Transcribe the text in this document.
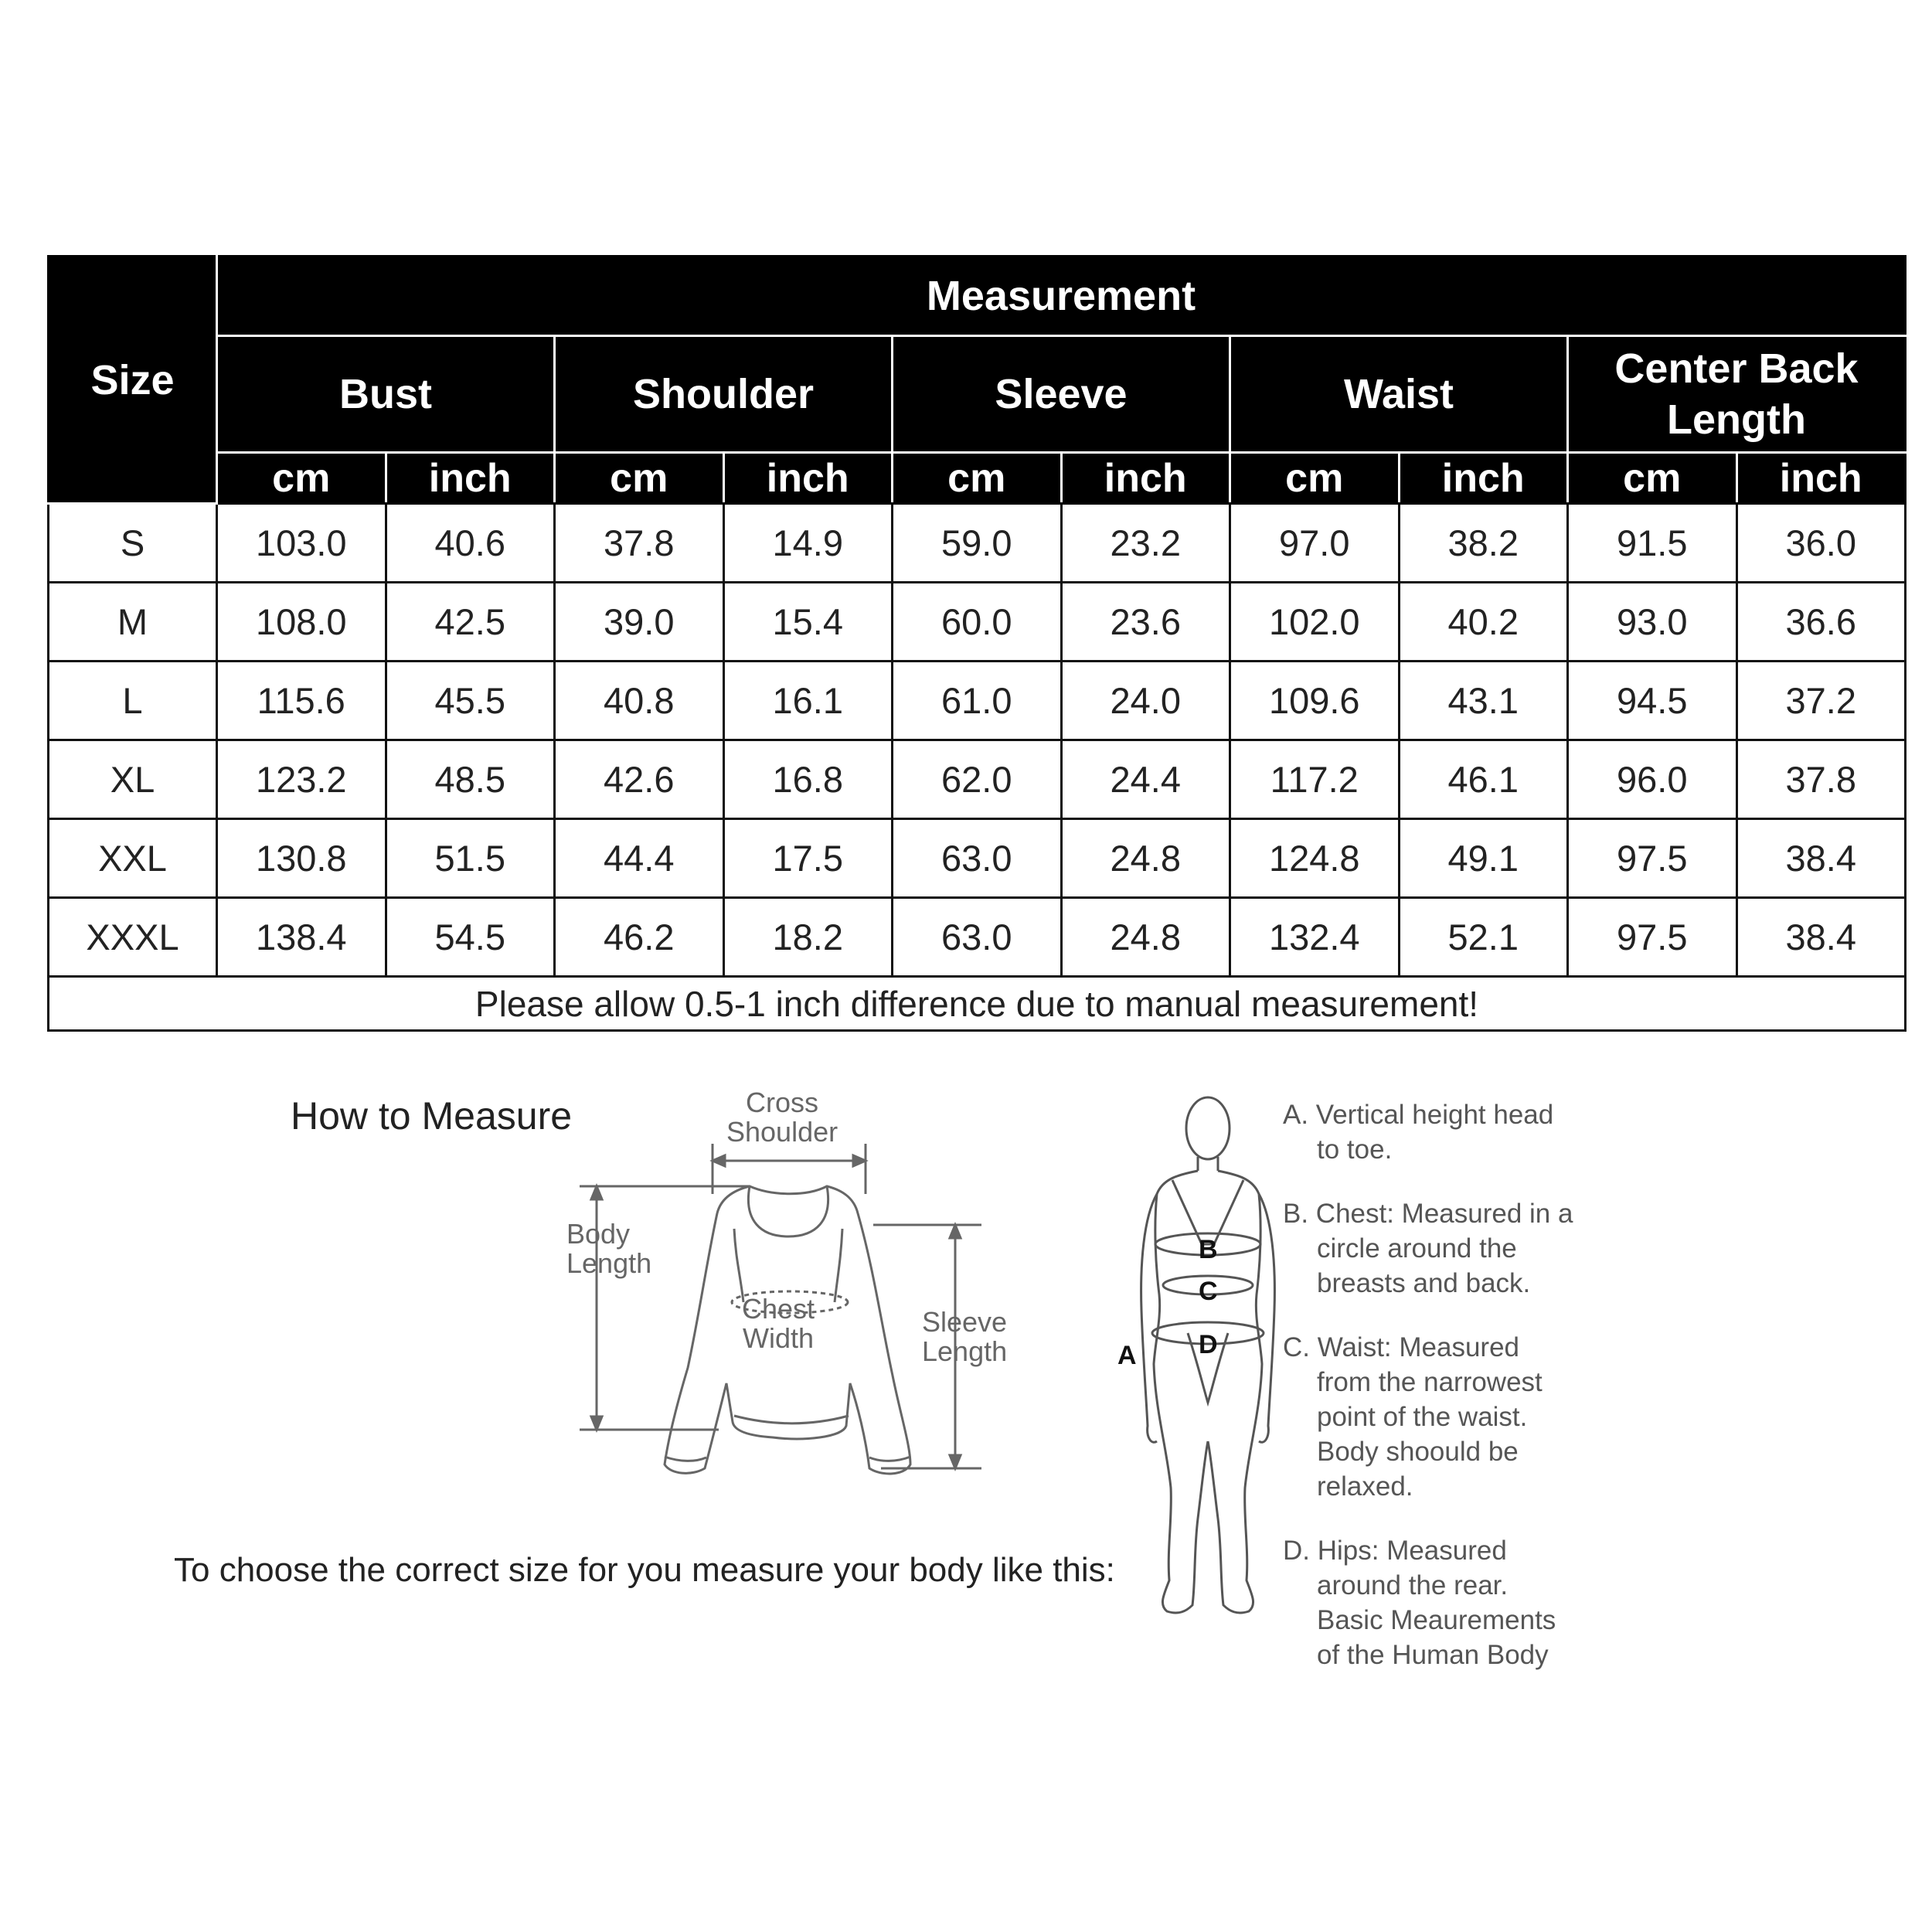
Size	Measurement									
	Bust		Shoulder		Sleeve		Waist		Center Back Length	
	cm	inch	cm	inch	cm	inch	cm	inch	cm	inch
S	103.0	40.6	37.8	14.9	59.0	23.2	97.0	38.2	91.5	36.0
M	108.0	42.5	39.0	15.4	60.0	23.6	102.0	40.2	93.0	36.6
L	115.6	45.5	40.8	16.1	61.0	24.0	109.6	43.1	94.5	37.2
XL	123.2	48.5	42.6	16.8	62.0	24.4	117.2	46.1	96.0	37.8
XXL	130.8	51.5	44.4	17.5	63.0	24.8	124.8	49.1	97.5	38.4
XXXL	138.4	54.5	46.2	18.2	63.0	24.8	132.4	52.1	97.5	38.4
Please allow 0.5-1 inch difference due to manual measurement!										
How to Measure
To choose the correct size for you measure your body like this:
Cross
Shoulder
Body
Length
Chest
Width
Sleeve
Length	A
B
C
D
A. Vertical height head
to toe.
B. Chest: Measured in a
circle around the
breasts and back.
C. Waist: Measured
from the narrowest
point of the waist.
Body shoould be
relaxed.
D. Hips: Measured
around the rear.
Basic Meaurements
of the Human Body
